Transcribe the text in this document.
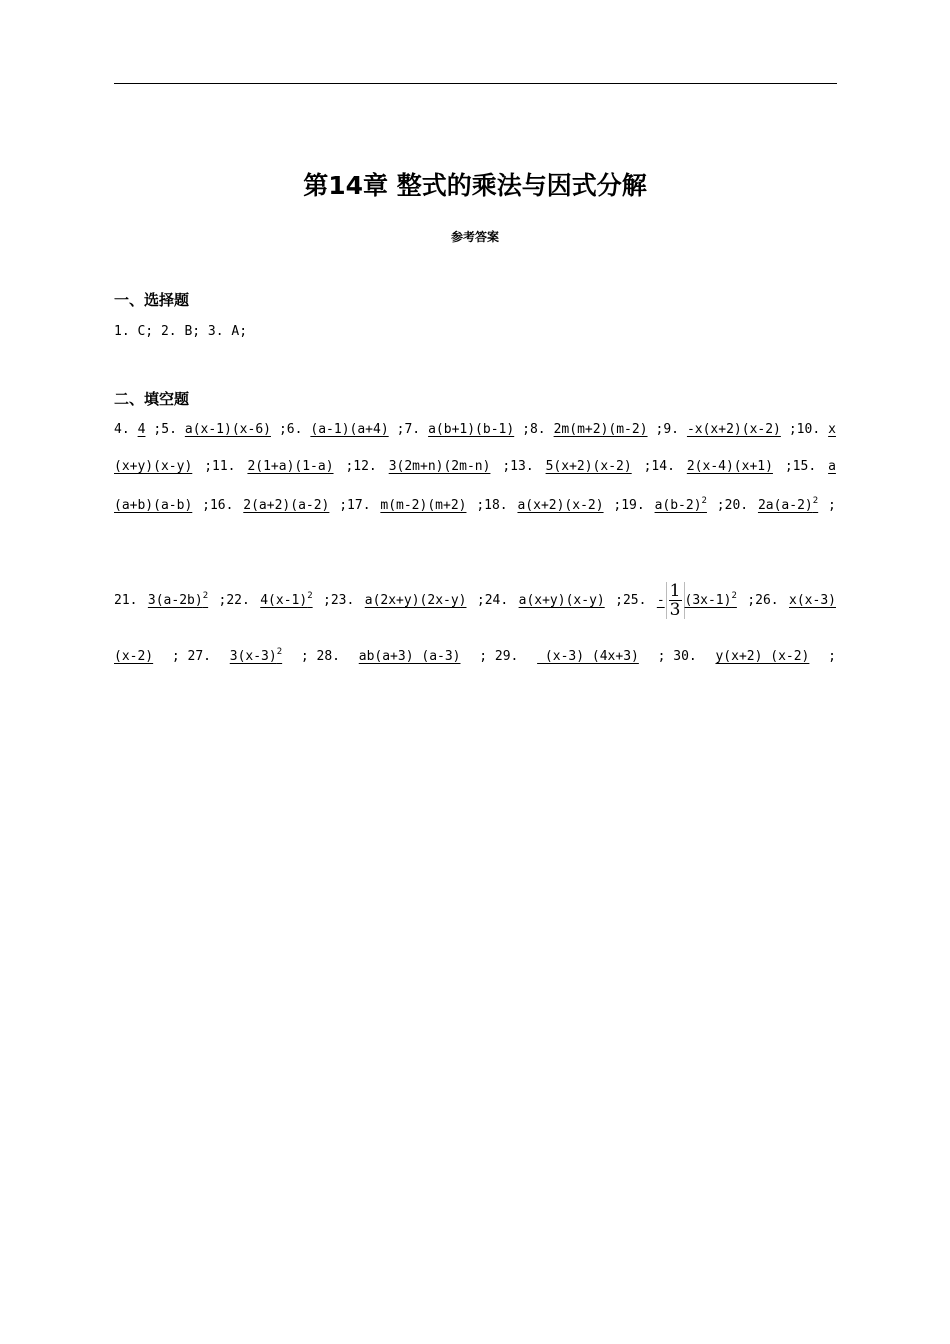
第14章 整式的乘法与因式分解
参考答案
一、选择题
1. C; 2. B; 3. A;
二、填空题
4. 4 ;5. a(x-1)(x-6) ;6. (a-1)(a+4) ;7. a(b+1)(b-1) ;8. 2m(m+2)(m-2) ;9. -x(x+2)(x-2) ;10. x
(x+y)(x-y) ;11. 2(1+a)(1-a) ;12. 3(2m+n)(2m-n) ;13. 5(x+2)(x-2) ;14. 2(x-4)(x+1) ;15. a
(a+b)(a-b) ;16. 2(a+2)(a-2) ;17. m(m-2)(m+2) ;18. a(x+2)(x-2) ;19. $a(b-2)^2$ ;20. $2a(a-2)^2$ ;
21. $3(a-2b)^2$ ;22. $4(x-1)^2$ ;23. a(2x+y)(2x-y) ;24. a(x+y)(x-y) ;25. - $\frac{1}{3} (3x-1)^2$ ;26. x(x-3)
(x-2) ; 27. $3(x-3)^2$ ; 28. ab(a+3) (a-3) ; 29. (x-3) (4x+3) ; 30. y(x+2) (x-2) ;
